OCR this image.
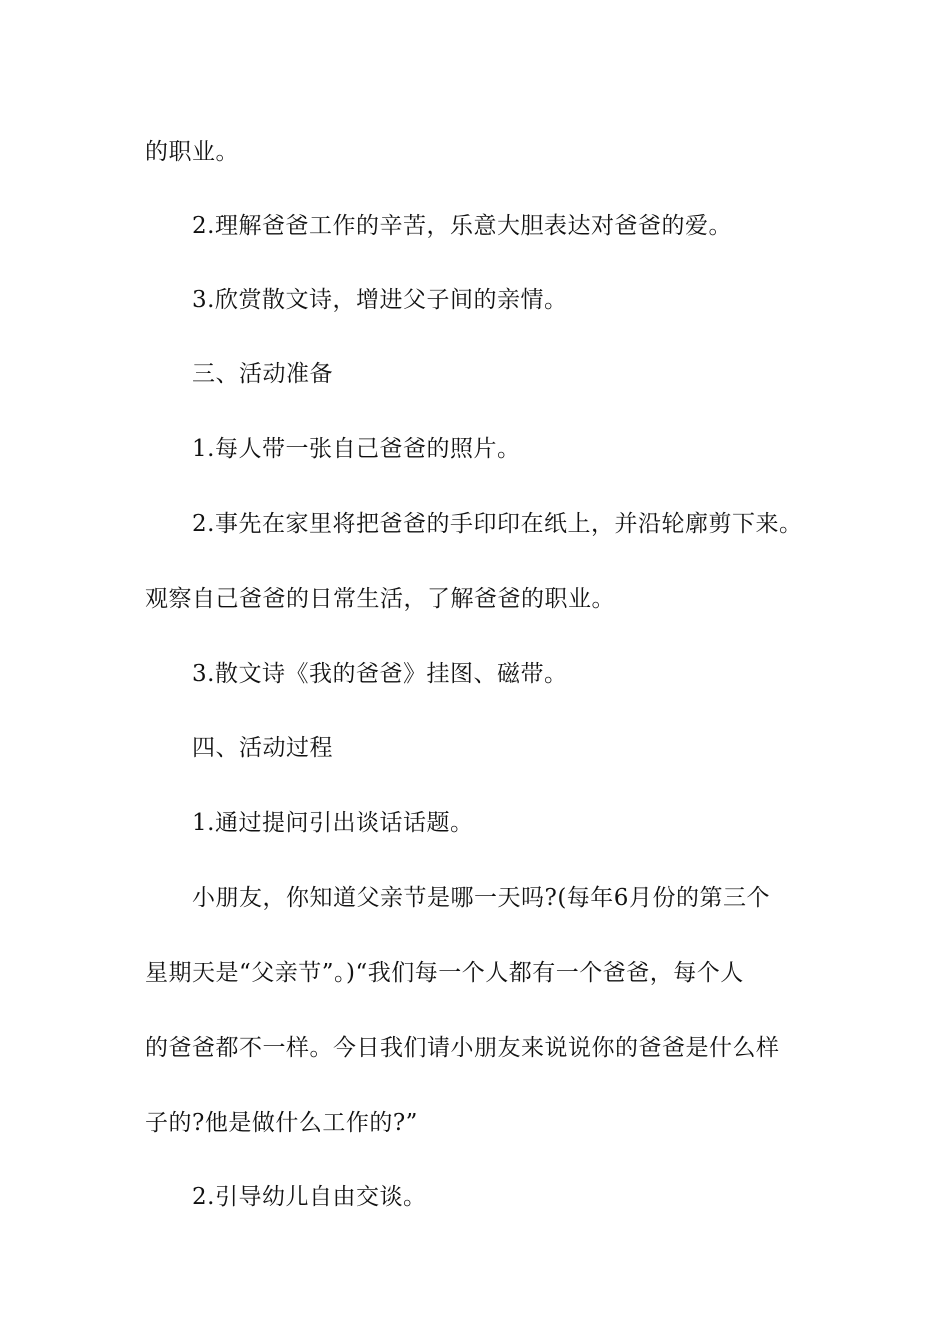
的职业。
2.理解爸爸工作的辛苦，乐意大胆表达对爸爸的爱。
3.欣赏散文诗，增进父子间的亲情。
三、活动准备
1.每人带一张自己爸爸的照片。
2.事先在家里将把爸爸的手印印在纸上，并沿轮廓剪下来。
观察自己爸爸的日常生活，了解爸爸的职业。
3.散文诗《我的爸爸》挂图、磁带。
四、活动过程
1.通过提问引出谈话话题。
小朋友，你知道父亲节是哪一天吗?(每年6月份的第三个
星期天是“父亲节”。)“我们每一个人都有一个爸爸，每个人
的爸爸都不一样。今日我们请小朋友来说说你的爸爸是什么样
子的?他是做什么工作的?”
2.引导幼儿自由交谈。
